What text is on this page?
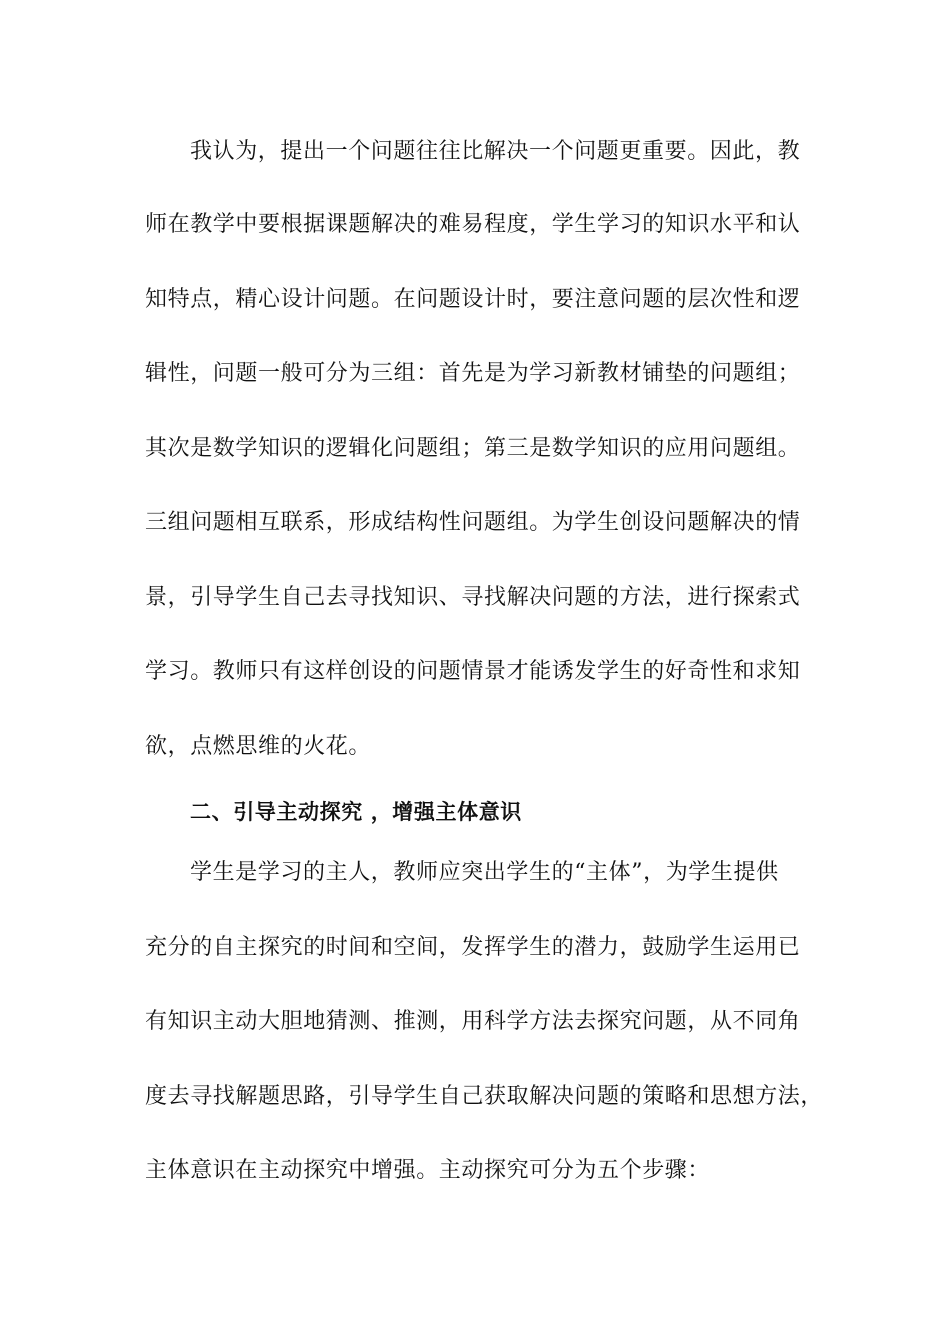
我认为，提出一个问题往往比解决一个问题更重要。因此，教
师在教学中要根据课题解决的难易程度，学生学习的知识水平和认
知特点，精心设计问题。在问题设计时，要注意问题的层次性和逻
辑性，问题一般可分为三组：首先是为学习新教材铺垫的问题组；
其次是数学知识的逻辑化问题组；第三是数学知识的应用问题组。
三组问题相互联系，形成结构性问题组。为学生创设问题解决的情
景，引导学生自己去寻找知识、寻找解决问题的方法，进行探索式
学习。教师只有这样创设的问题情景才能诱发学生的好奇性和求知
欲，点燃思维的火花。
二、引导主动探究 ，增强主体意识
学生是学习的主人，教师应突出学生的“主体”，为学生提供
充分的自主探究的时间和空间，发挥学生的潜力，鼓励学生运用已
有知识主动大胆地猜测、推测，用科学方法去探究问题，从不同角
度去寻找解题思路，引导学生自己获取解决问题的策略和思想方法，
主体意识在主动探究中增强。主动探究可分为五个步骤：
